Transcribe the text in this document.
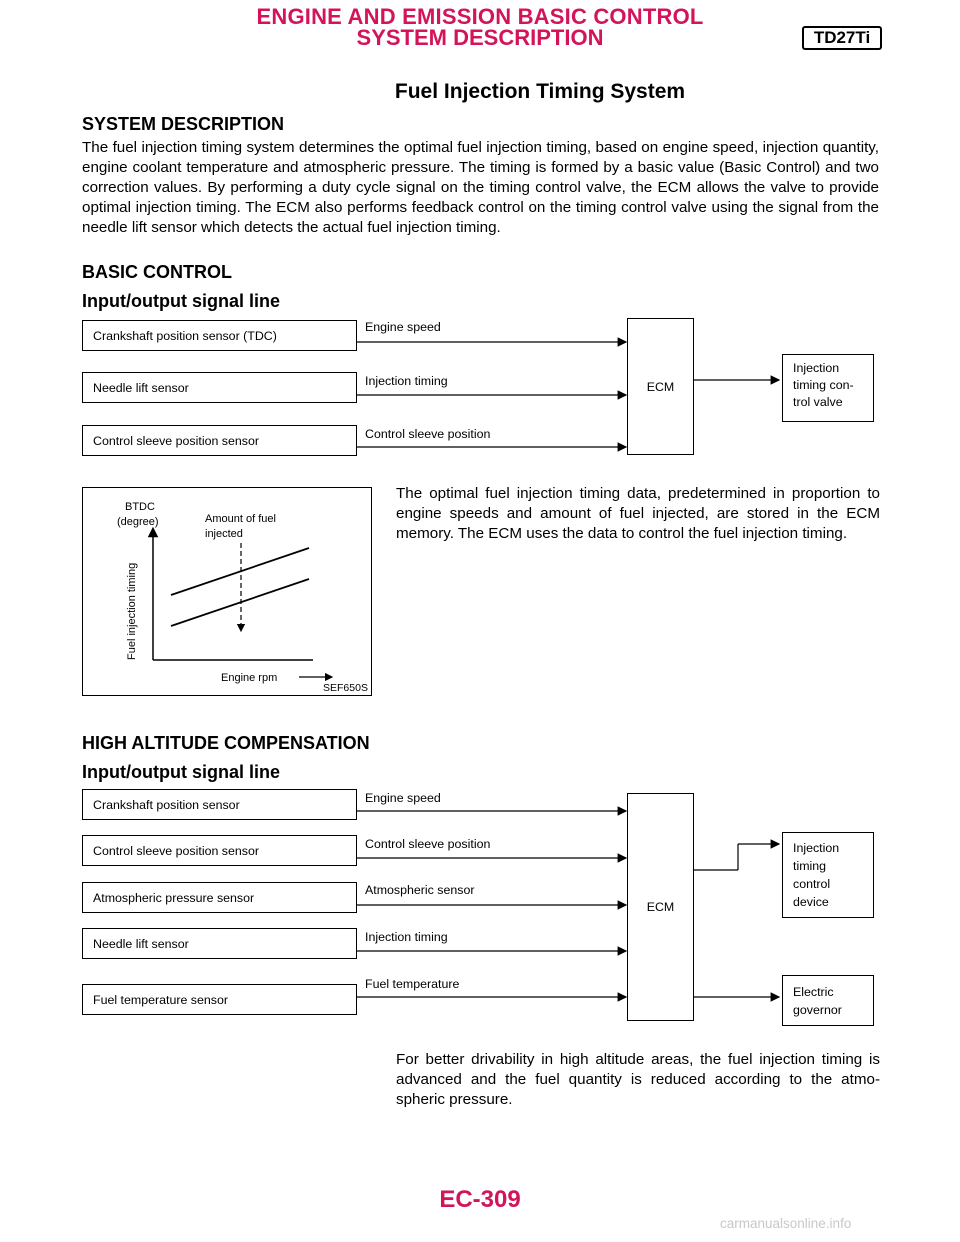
ENGINE AND EMISSION BASIC CONTROL
SYSTEM DESCRIPTION	TD27Ti
Fuel Injection Timing System
SYSTEM DESCRIPTION
The fuel injection timing system determines the optimal fuel injection timing, based on engine speed, injection quantity, engine coolant temperature and atmospheric pressure. The timing is formed by a basic value (Basic Control) and two correction values. By performing a duty cycle signal on the timing control valve, the ECM allows the valve to provide optimal injection timing. The ECM also performs feedback control on the timing control valve using the signal from the needle lift sensor which detects the actual fuel injection timing.
BASIC CONTROL
Input/output signal line
Crankshaft position sensor (TDC)
Needle lift sensor
Control sleeve position sensor
Engine speed
Injection timing
Control sleeve position
ECM
Injection
timing con-
trol valve
BTDC
(degree)	Amount of fuel
injected
Engine rpm
Fuel injection timing
SEF650S
The optimal fuel injection timing data, predetermined in proportion to engine speeds and amount of fuel injected, are stored in the ECM memory. The ECM uses the data to control the fuel injection timing.
HIGH ALTITUDE COMPENSATION
Input/output signal line
Crankshaft position sensor
Control sleeve position sensor
Atmospheric pressure sensor
Needle lift sensor
Fuel temperature sensor
Engine speed
Control sleeve position
Atmospheric sensor
Injection timing
Fuel temperature
ECM
Injection
timing
control
device
Electric
governor
For better drivability in high altitude areas, the fuel injection timing is advanced and the fuel quantity is reduced according to the atmo- spheric pressure.
EC-309
carmanualsonline.info
